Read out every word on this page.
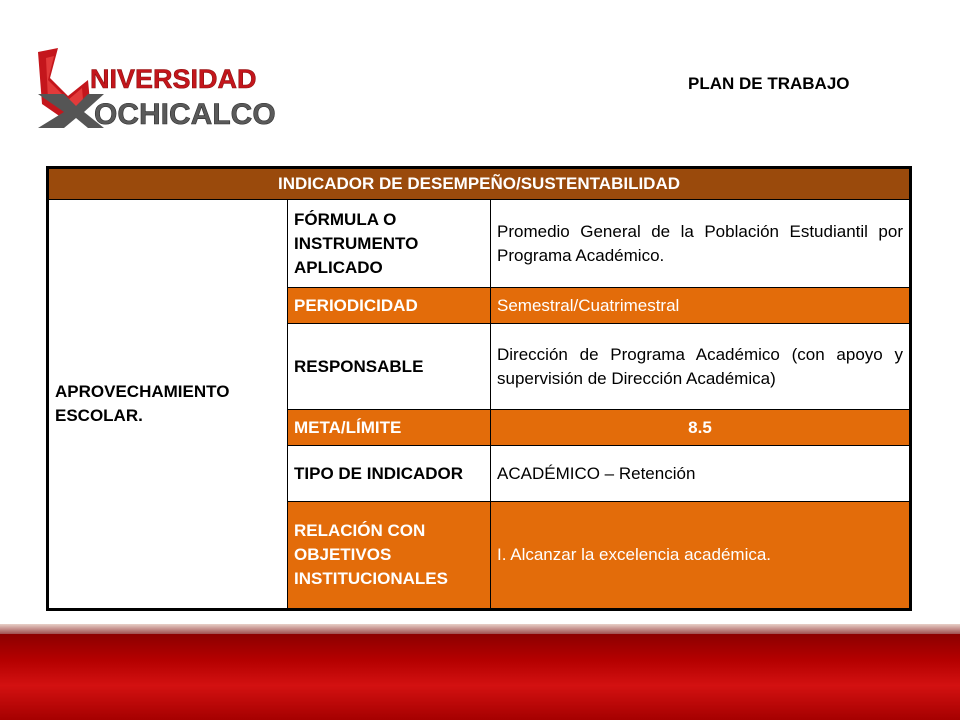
NIVERSIDAD
OCHICALCO
PLAN DE TRABAJO
INDICADOR DE DESEMPEÑO/SUSTENTABILIDAD		
APROVECHAMIENTO ESCOLAR.	FÓRMULA O INSTRUMENTO APLICADO	Promedio General de la Población Estudiantil por Programa Académico.
	PERIODICIDAD	Semestral/Cuatrimestral
	RESPONSABLE	Dirección de Programa Académico (con apoyo y supervisión de Dirección Académica)
	META/LÍMITE	8.5
	TIPO DE INDICADOR	ACADÉMICO – Retención
	RELACIÓN CON OBJETIVOS INSTITUCIONALES	I. Alcanzar la excelencia académica.
